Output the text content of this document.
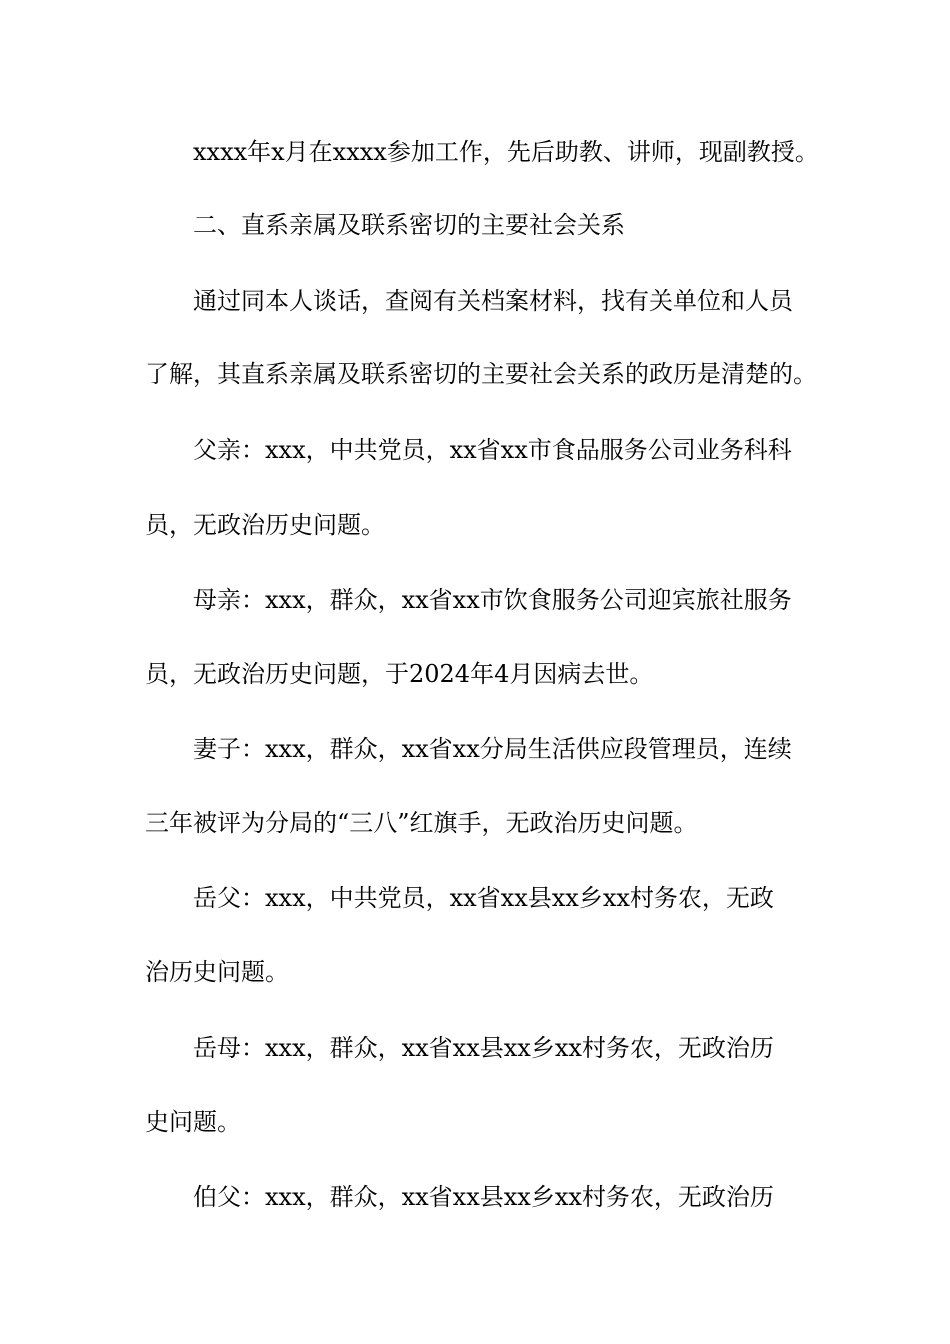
xxxx年x月在xxxx参加工作，先后助教、讲师，现副教授。
二、直系亲属及联系密切的主要社会关系
通过同本人谈话，查阅有关档案材料，找有关单位和人员
了解，其直系亲属及联系密切的主要社会关系的政历是清楚的。
父亲：xxx，中共党员，xx省xx市食品服务公司业务科科
员，无政治历史问题。
母亲：xxx，群众，xx省xx市饮食服务公司迎宾旅社服务
员，无政治历史问题，于2024年4月因病去世。
妻子：xxx，群众，xx省xx分局生活供应段管理员，连续
三年被评为分局的“三八”红旗手，无政治历史问题。
岳父：xxx，中共党员，xx省xx县xx乡xx村务农，无政
治历史问题。
岳母：xxx，群众，xx省xx县xx乡xx村务农，无政治历
史问题。
伯父：xxx，群众，xx省xx县xx乡xx村务农，无政治历
